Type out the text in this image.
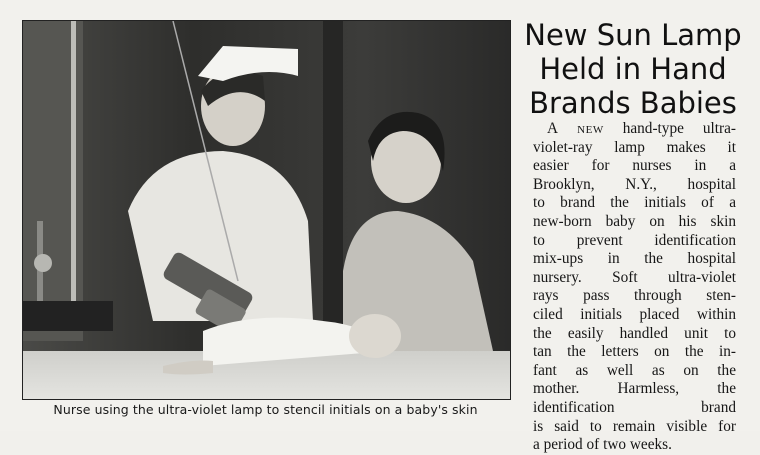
Nurse using the ultra-violet lamp to stencil initials on a baby's skin
New Sun Lamp
Held in Hand
Brands Babies
A new hand-type ultra-
violet-ray lamp makes it
easier for nurses in a
Brooklyn, N.Y., hospital
to brand the initials of a
new-born baby on his skin
to prevent identification
mix-ups in the hospital
nursery. Soft ultra-violet
rays pass through sten-
ciled initials placed within
the easily handled unit to
tan the letters on the in-
fant as well as on the
mother. Harmless, the
identification brand
is said to remain visible for
a period of two weeks.
